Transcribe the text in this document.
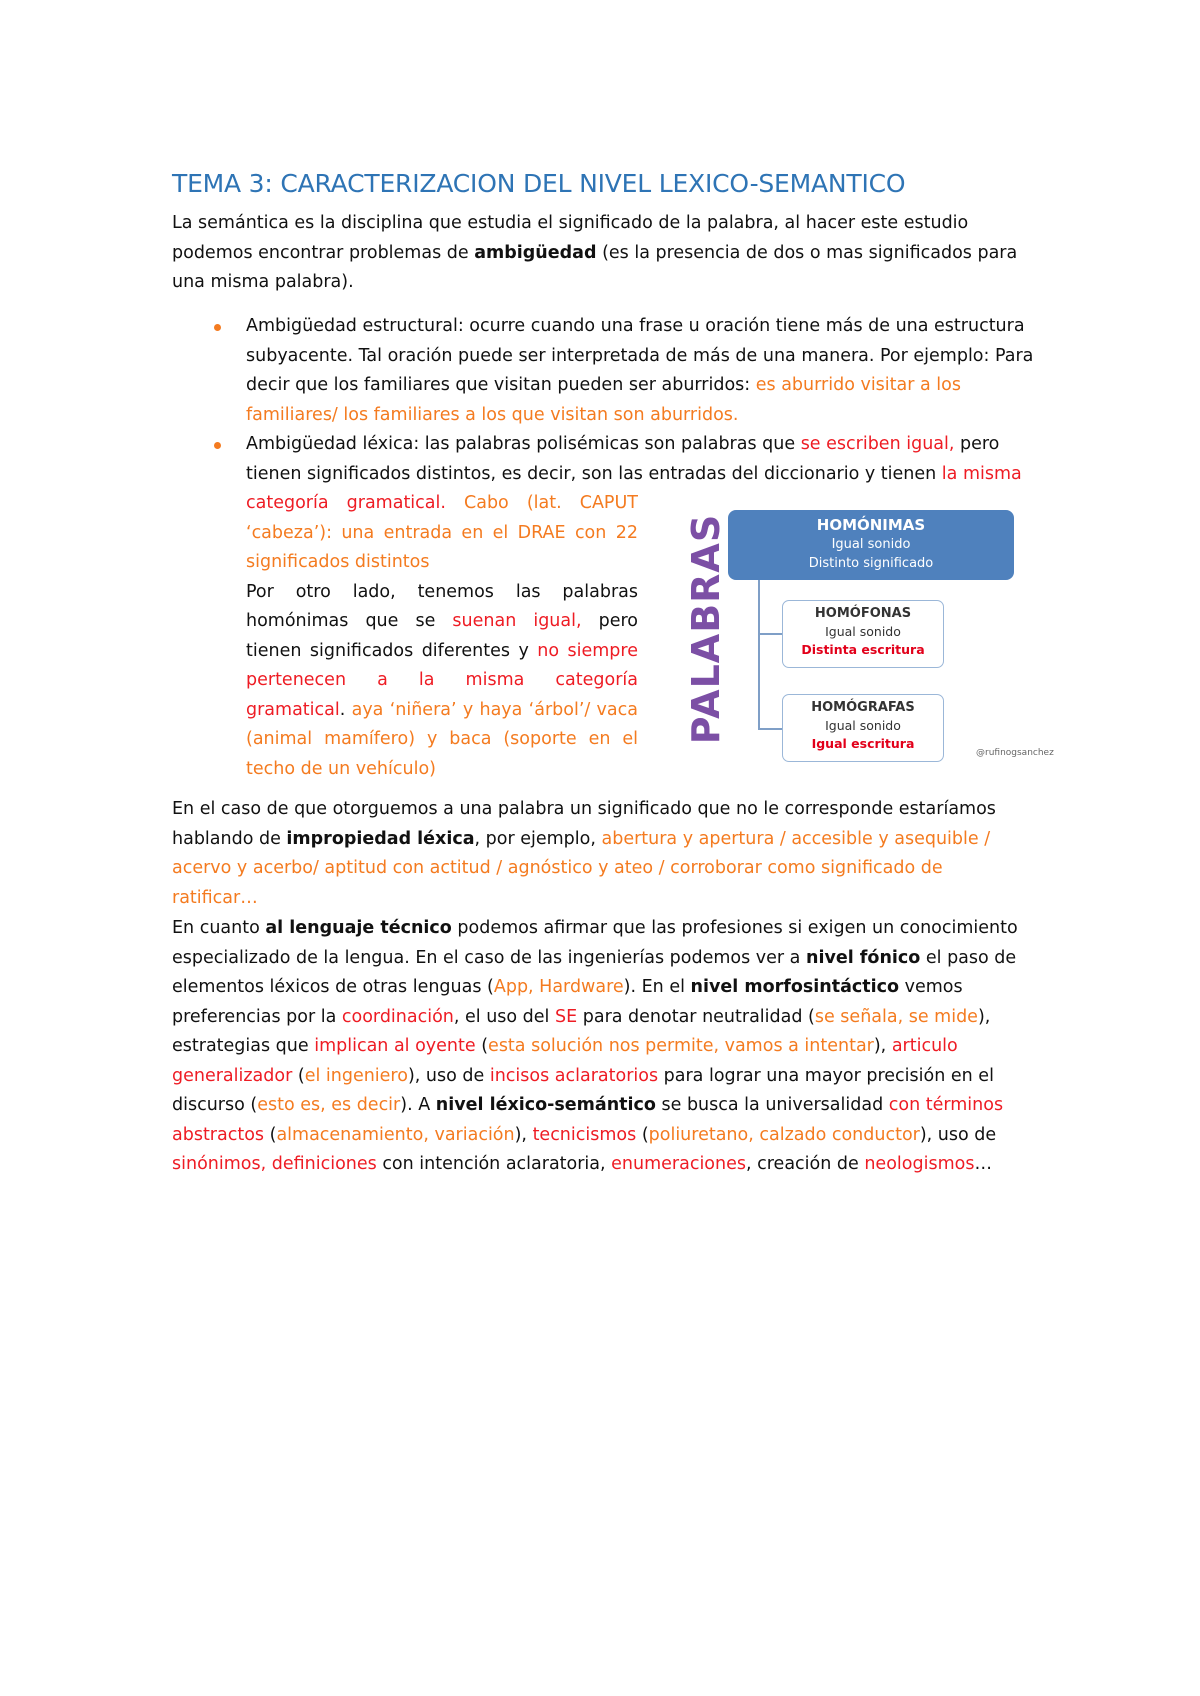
TEMA 3: CARACTERIZACION DEL NIVEL LEXICO-SEMANTICO

La semántica es la disciplina que estudia el significado de la palabra, al hacer este estudio podemos encontrar problemas de ambigüedad (es la presencia de dos o mas significados para una misma palabra).

Ambigüedad estructural: ocurre cuando una frase u oración tiene más de una estructura subyacente. Tal oración puede ser interpretada de más de una manera. Por ejemplo: Para decir que los familiares que visitan pueden ser aburridos: es aburrido visitar a los familiares/ los familiares a los que visitan son aburridos.
Ambigüedad léxica: las palabras polisémicas son palabras que se escriben igual, pero tienen significados distintos, es decir, son las entradas del diccionario y tienen la misma

categoría gramatical. Cabo (lat. CAPUT ‘cabeza’): una entrada en el DRAE con 22 significados distintos
Por otro lado, tenemos las palabras homónimas que se suenan igual, pero tienen significados diferentes y no siempre pertenecen a la misma categoría gramatical. aya ‘niñera’ y haya ‘árbol’/ vaca (animal mamífero) y baca (soporte en el techo de un vehículo)

PALABRAS	HOMÓNIMAS
Igual sonido
Distinto significado
HOMÓFONAS
Igual sonido
Distinta escritura
HOMÓGRAFAS
Igual sonido
Igual escritura
@rufinogsanchez

En el caso de que otorguemos a una palabra un significado que no le corresponde estaríamos hablando de impropiedad léxica, por ejemplo, abertura y apertura / accesible y asequible / acervo y acerbo/ aptitud con actitud / agnóstico y ateo / corroborar como significado de ratificar…

En cuanto al lenguaje técnico podemos afirmar que las profesiones si exigen un conocimiento especializado de la lengua. En el caso de las ingenierías podemos ver a nivel fónico el paso de elementos léxicos de otras lenguas (App, Hardware). En el nivel morfosintáctico vemos preferencias por la coordinación, el uso del SE para denotar neutralidad (se señala, se mide), estrategias que implican al oyente (esta solución nos permite, vamos a intentar), articulo generalizador (el ingeniero), uso de incisos aclaratorios para lograr una mayor precisión en el discurso (esto es, es decir). A nivel léxico-semántico se busca la universalidad con términos abstractos (almacenamiento, variación), tecnicismos (poliuretano, calzado conductor), uso de sinónimos, definiciones con intención aclaratoria, enumeraciones, creación de neologismos…
